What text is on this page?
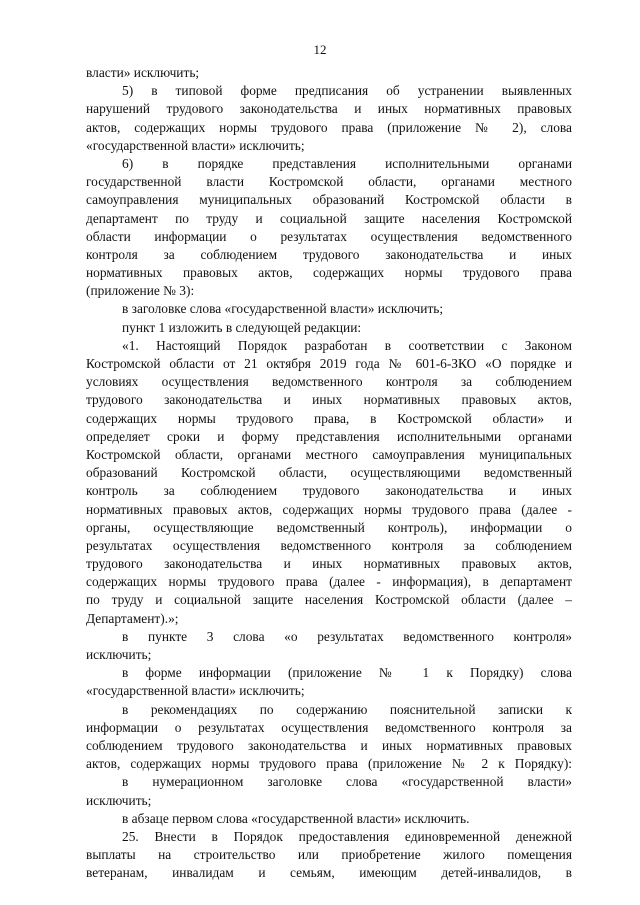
12
власти» исключить;
5) в типовой форме предписания об устранении выявленных
нарушений трудового законодательства и иных нормативных правовых
актов, содержащих нормы трудового права (приложение № 2), слова
«государственной власти» исключить;
6) в порядке представления исполнительными органами
государственной власти Костромской области, органами местного
самоуправления муниципальных образований Костромской области в
департамент по труду и социальной защите населения Костромской
области информации о результатах осуществления ведомственного
контроля за соблюдением трудового законодательства и иных
нормативных правовых актов, содержащих нормы трудового права
(приложение № 3):
в заголовке слова «государственной власти» исключить;
пункт 1 изложить в следующей редакции:
«1. Настоящий Порядок разработан в соответствии с Законом
Костромской области от 21 октября 2019 года № 601-6-ЗКО «О порядке и
условиях осуществления ведомственного контроля за соблюдением
трудового законодательства и иных нормативных правовых актов,
содержащих нормы трудового права, в Костромской области» и
определяет сроки и форму представления исполнительными органами
Костромской области, органами местного самоуправления муниципальных
образований Костромской области, осуществляющими ведомственный
контроль за соблюдением трудового законодательства и иных
нормативных правовых актов, содержащих нормы трудового права (далее -
органы, осуществляющие ведомственный контроль), информации о
результатах осуществления ведомственного контроля за соблюдением
трудового законодательства и иных нормативных правовых актов,
содержащих нормы трудового права (далее - информация), в департамент
по труду и социальной защите населения Костромской области (далее –
Департамент).»;
в пункте 3 слова «о результатах ведомственного контроля»
исключить;
в форме информации (приложение № 1 к Порядку) слова
«государственной власти» исключить;
в рекомендациях по содержанию пояснительной записки к
информации о результатах осуществления ведомственного контроля за
соблюдением трудового законодательства и иных нормативных правовых
актов, содержащих нормы трудового права (приложение № 2 к Порядку):
в нумерационном заголовке слова «государственной власти»
исключить;
в абзаце первом слова «государственной власти» исключить.
25. Внести в Порядок предоставления единовременной денежной
выплаты на строительство или приобретение жилого помещения
ветеранам, инвалидам и семьям, имеющим детей-инвалидов, в
